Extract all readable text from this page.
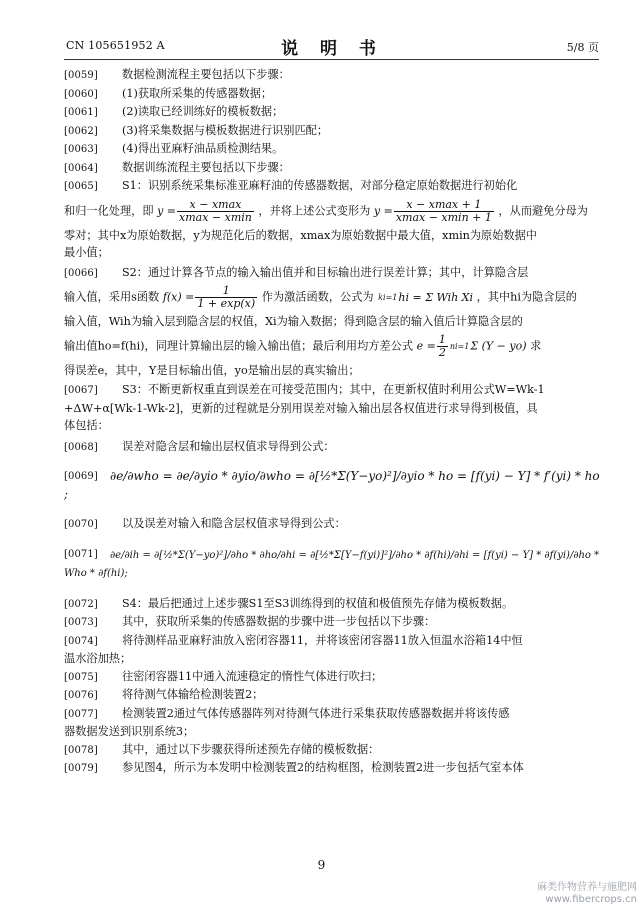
CN 105651952 A	说 明 书	5/8 页
[0059] 数据检测流程主要包括以下步骤：
[0060] (1)获取所采集的传感器数据；
[0061] (2)读取已经训练好的模板数据；
[0062] (3)将采集数据与模板数据进行识别匹配；
[0063] (4)得出亚麻籽油品质检测结果。
[0064] 数据训练流程主要包括以下步骤：
[0065] S1：识别系统采集标准亚麻籽油的传感器数据，对部分稳定原始数据进行初始化
和归一化处理，即 $y = \frac{x - xmax}{xmax - xmin}$ ，并将上述公式变形为 $y = \frac{x - xmax + 1}{xmax - xmin + 1}$ ，从而避免分母为
零对；其中x为原始数据，y为规范化后的数据，xmax为原始数据中最大值，xmin为原始数据中
最小值；
[0066] S2：通过计算各节点的输入输出值并和目标输出进行误差计算；其中，计算隐含层
输入值，采用s函数 $f(x) = \frac{1}{1 + \exp(x)}$ 作为激活函数，公式为 ki=1hi = Σ Wih Xi ，其中hi为隐含层的
输入值，Wih为输入层到隐含层的权值，Xi为输入数据；得到隐含层的输入值后计算隐含层的
输出值ho=f(hi)，同理计算输出层的输入输出值；最后利用均方差公式 $e = \frac{1}{2} ni=1\Sigma$ (Y − yo) 求
得误差e，其中，Y是目标输出值，yo是输出层的真实输出；
[0067] S3：不断更新权重直到误差在可接受范围内；其中，在更新权值时利用公式W=Wk-1
+ΔW+α[Wk-1-Wk-2]，更新的过程就是分别用误差对输入输出层各权值进行求导得到极值，具
体包括：
[0068] 误差对隐含层和输出层权值求导得到公式：
[0069] ∂e/∂who = ∂e/∂yio * ∂yio/∂who = ∂[½*Σ(Y−yo)²]/∂yio * ho = [f(yi) − Y] * f′(yi) * ho ;
[0070] 以及误差对输入和隐含层权值求导得到公式：
[0071] ∂e/∂ih = ∂[½*Σ(Y−yo)²]/∂ho * ∂ho/∂hi = ∂[½*Σ[Y−f(yi)]²]/∂ho * ∂f(hi)/∂hi = [f(yi) − Y] * ∂f(yi)/∂ho * Who * ∂f(hi);
[0072] S4：最后把通过上述步骤S1至S3训练得到的权值和极值预先存储为模板数据。
[0073] 其中，获取所采集的传感器数据的步骤中进一步包括以下步骤：
[0074] 将待测样品亚麻籽油放入密闭容器11，并将该密闭容器11放入恒温水浴箱14中恒
温水浴加热；
[0075] 往密闭容器11中通入流速稳定的惰性气体进行吹扫；
[0076] 将待测气体输给检测装置2；
[0077] 检测装置2通过气体传感器阵列对待测气体进行采集获取传感器数据并将该传感
器数据发送到识别系统3；
[0078] 其中，通过以下步骤获得所述预先存储的模板数据：
[0079] 参见图4，所示为本发明中检测装置2的结构框图，检测装置2进一步包括气室本体
9
麻类作物营养与施肥网
www.fibercrops.cn
